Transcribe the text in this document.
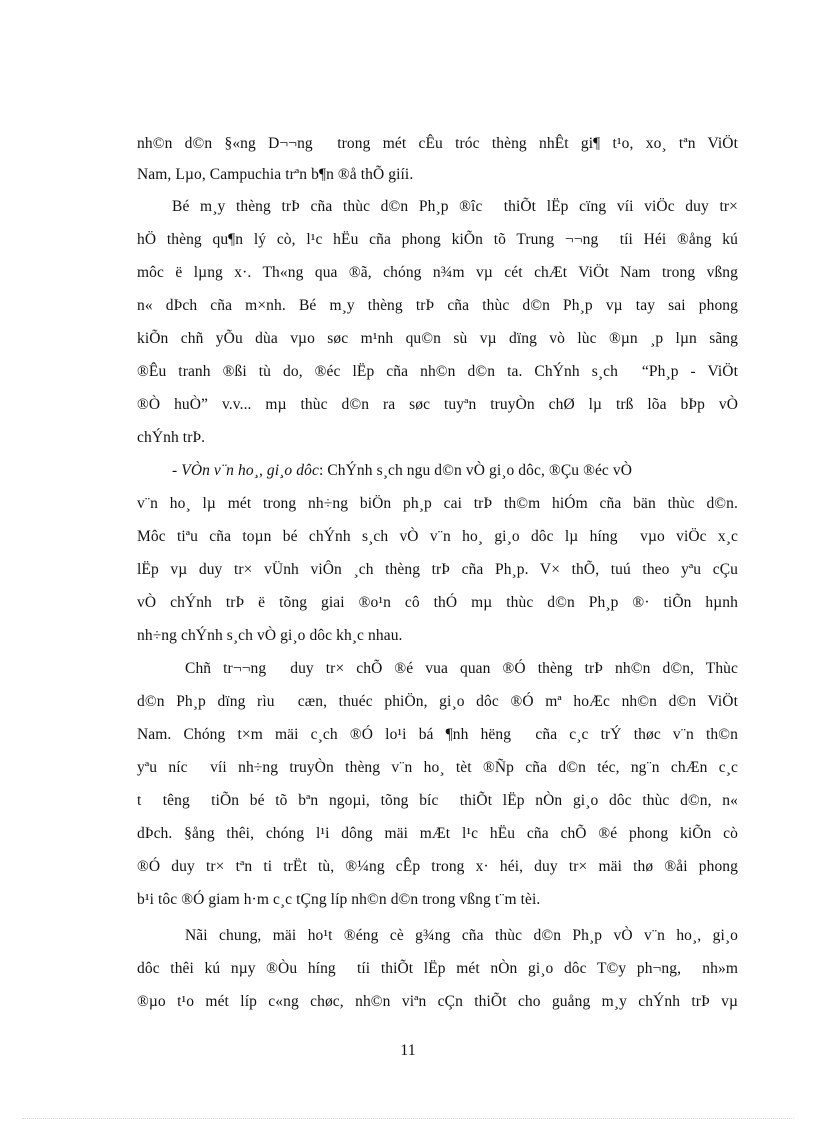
nh©n d©n §«ng D¬¬ng  trong mét cÊu tróc thèng nhÊt gi¶ t¹o, xo¸ tªn ViÖt
Nam, Lµo, Campuchia trªn b¶n ®å thÕ giíi.
Bé m¸y thèng trÞ cña thùc d©n Ph¸p ®îc  thiÕt lËp cïng víi viÖc duy tr×
hÖ thèng qu¶n lý cò, l¹c hËu cña phong kiÕn tõ Trung ¬¬ng  tíi Héi ®ång kú
môc ë lµng x·. Th«ng qua ®ã, chóng n¾m vµ cét chÆt ViÖt Nam trong vßng
n« dÞch cña m×nh. Bé m¸y thèng trÞ cña thùc d©n Ph¸p vµ tay sai phong
kiÕn chñ yÕu dùa vµo søc m¹nh qu©n sù vµ dïng vò lùc ®µn ¸p lµn sãng
®Êu tranh ®ßi tù do, ®éc lËp cña nh©n d©n ta. ChÝnh s¸ch  “Ph¸p - ViÖt
®Ò huÒ” v.v... mµ thùc d©n ra søc tuyªn truyÒn chØ lµ trß lõa bÞp vÒ
chÝnh trÞ.
- VÒn v¨n ho¸, gi¸o dôc: ChÝnh s¸ch ngu d©n vÒ gi¸o dôc, ®Çu ®éc vÒ
v¨n ho¸ lµ mét trong nh÷ng biÖn ph¸p cai trÞ th©m hiÓm cña bän thùc d©n.
Môc tiªu cña toµn bé chÝnh s¸ch vÒ v¨n ho¸ gi¸o dôc lµ híng  vµo viÖc x¸c
lËp vµ duy tr× vÜnh viÔn ¸ch thèng trÞ cña Ph¸p. V× thÕ, tuú theo yªu cÇu
vÒ chÝnh trÞ ë tõng giai ®o¹n cô thÓ mµ thùc d©n Ph¸p ®· tiÕn hµnh
nh÷ng chÝnh s¸ch vÒ gi¸o dôc kh¸c nhau.
Chñ tr¬¬ng  duy tr× chÕ ®é vua quan ®Ó thèng trÞ nh©n d©n, Thùc
d©n Ph¸p dïng rìu  cæn, thuéc phiÖn, gi¸o dôc ®Ó mª hoÆc nh©n d©n ViÖt
Nam. Chóng t×m mäi c¸ch ®Ó lo¹i bá ¶nh hëng  cña c¸c trÝ thøc v¨n th©n
yªu níc  víi nh÷ng truyÒn thèng v¨n ho¸ tèt ®Ñp cña d©n téc, ng¨n chÆn c¸c
t  têng  tiÕn bé tõ bªn ngoµi, tõng bíc  thiÕt lËp nÒn gi¸o dôc thùc d©n, n«
dÞch. §ång thêi, chóng l¹i dông mäi mÆt l¹c hËu cña chÕ ®é phong kiÕn cò
®Ó duy tr× tªn ti trËt tù, ®¼ng cÊp trong x· héi, duy tr× mäi thø ®åi phong
b¹i tôc ®Ó giam h·m c¸c tÇng líp nh©n d©n trong vßng t¨m tèi.
Nãi chung, mäi ho¹t ®éng cè g¾ng cña thùc d©n Ph¸p vÒ v¨n ho¸, gi¸o
dôc thêi kú nµy ®Òu híng  tíi thiÕt lËp mét nÒn gi¸o dôc T©y ph¬ng,  nh»m
®µo t¹o mét líp c«ng chøc, nh©n viªn cÇn thiÕt cho guång m¸y chÝnh trÞ vµ
11
